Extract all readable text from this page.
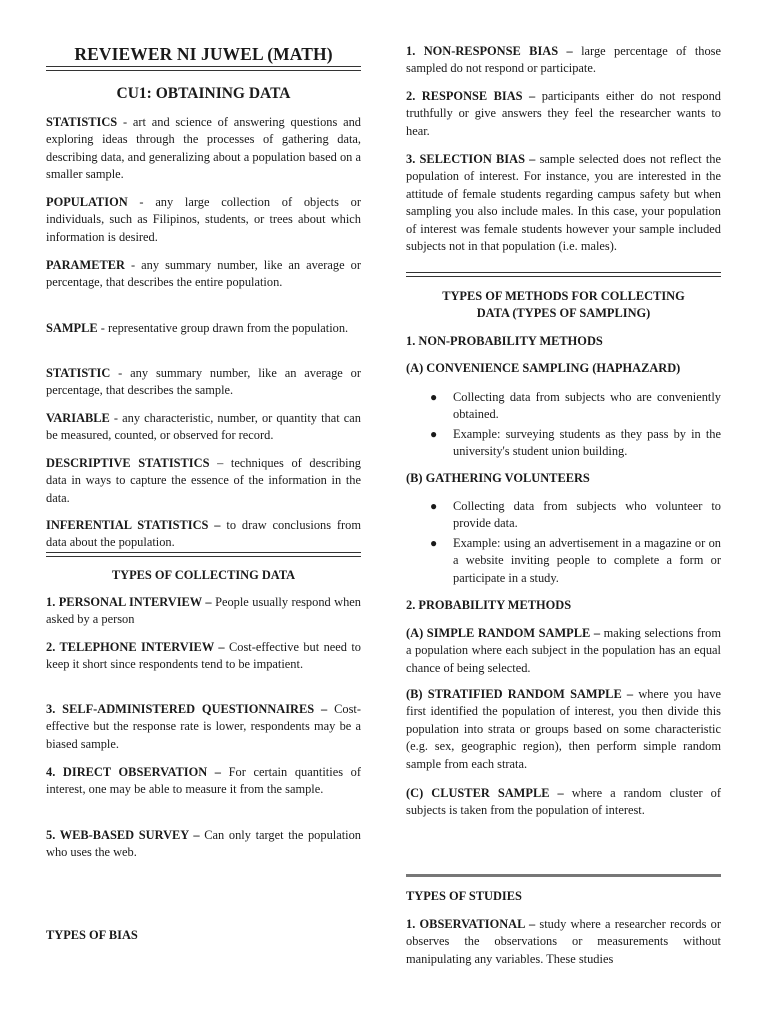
REVIEWER NI JUWEL (MATH)
CU1: OBTAINING DATA

STATISTICS - art and science of answering questions and exploring ideas through the processes of gathering data, describing data, and generalizing about a population based on a smaller sample.

POPULATION - any large collection of objects or individuals, such as Filipinos, students, or trees about which information is desired.

PARAMETER - any summary number, like an average or percentage, that describes the entire population.

SAMPLE - representative group drawn from the population.

STATISTIC - any summary number, like an average or percentage, that describes the sample.

VARIABLE - any characteristic, number, or quantity that can be measured, counted, or observed for record.

DESCRIPTIVE STATISTICS – techniques of describing data in ways to capture the essence of the information in the data.

INFERENTIAL STATISTICS – to draw conclusions from data about the population.

TYPES OF COLLECTING DATA

1. PERSONAL INTERVIEW – People usually respond when asked by a person

2. TELEPHONE INTERVIEW – Cost-effective but need to keep it short since respondents tend to be impatient.

3. SELF-ADMINISTERED QUESTIONNAIRES – Cost-effective but the response rate is lower, respondents may be a biased sample.

4. DIRECT OBSERVATION – For certain quantities of interest, one may be able to measure it from the sample.

5. WEB-BASED SURVEY – Can only target the population who uses the web.

TYPES OF BIAS

1. NON-RESPONSE BIAS – large percentage of those sampled do not respond or participate.

2. RESPONSE BIAS – participants either do not respond truthfully or give answers they feel the researcher wants to hear.

3. SELECTION BIAS – sample selected does not reflect the population of interest. For instance, you are interested in the attitude of female students regarding campus safety but when sampling you also include males. In this case, your population of interest was female students however your sample included subjects not in that population (i.e. males).

TYPES OF METHODS FOR COLLECTING
DATA (TYPES OF SAMPLING)
1. NON-PROBABILITY METHODS
(A) CONVENIENCE SAMPLING (HAPHAZARD)
● Collecting data from subjects who are conveniently obtained.
● Example: surveying students as they pass by in the university's student union building.
(B) GATHERING VOLUNTEERS
● Collecting data from subjects who volunteer to provide data.
● Example: using an advertisement in a magazine or on a website inviting people to complete a form or participate in a study.
2. PROBABILITY METHODS

(A) SIMPLE RANDOM SAMPLE – making selections from a population where each subject in the population has an equal chance of being selected.

(B) STRATIFIED RANDOM SAMPLE – where you have first identified the population of interest, you then divide this population into strata or groups based on some characteristic (e.g. sex, geographic region), then perform simple random sample from each strata.

(C) CLUSTER SAMPLE – where a random cluster of subjects is taken from the population of interest.

TYPES OF STUDIES

1. OBSERVATIONAL – study where a researcher records or observes the observations or measurements without manipulating any variables. These studies
